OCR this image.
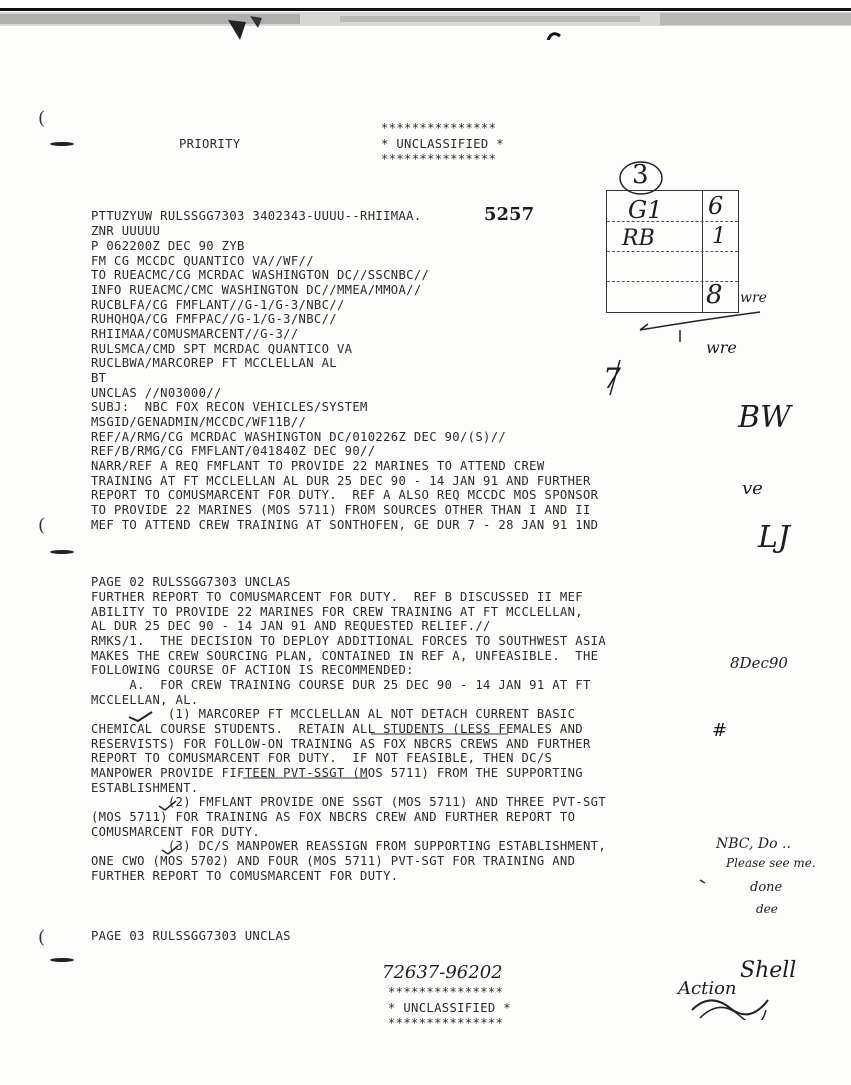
(
(
(
***************
PRIORITY	* UNCLASSIFIED *
***************
PTTUZYUW RULSSGG7303 3402343-UUUU--RHIIMAA.
ZNR UUUUU
P 062200Z DEC 90 ZYB
FM CG MCCDC QUANTICO VA//WF//
TO RUEACMC/CG MCRDAC WASHINGTON DC//SSCNBC//
INFO RUEACMC/CMC WASHINGTON DC//MMEA/MMOA//
RUCBLFA/CG FMFLANT//G-1/G-3/NBC//
RUHQHQA/CG FMFPAC//G-1/G-3/NBC//
RHIIMAA/COMUSMARCENT//G-3//
RULSMCA/CMD SPT MCRDAC QUANTICO VA
RUCLBWA/MARCOREP FT MCCLELLAN AL
BT
UNCLAS //N03000//
SUBJ:  NBC FOX RECON VEHICLES/SYSTEM
MSGID/GENADMIN/MCCDC/WF11B//
REF/A/RMG/CG MCRDAC WASHINGTON DC/010226Z DEC 90/(S)//
REF/B/RMG/CG FMFLANT/041840Z DEC 90//
NARR/REF A REQ FMFLANT TO PROVIDE 22 MARINES TO ATTEND CREW
TRAINING AT FT MCCLELLAN AL DUR 25 DEC 90 - 14 JAN 91 AND FURTHER
REPORT TO COMUSMARCENT FOR DUTY.  REF A ALSO REQ MCCDC MOS SPONSOR
TO PROVIDE 22 MARINES (MOS 5711) FROM SOURCES OTHER THAN I AND II
MEF TO ATTEND CREW TRAINING AT SONTHOFEN, GE DUR 7 - 28 JAN 91 1ND
PAGE 02 RULSSGG7303 UNCLAS
FURTHER REPORT TO COMUSMARCENT FOR DUTY.  REF B DISCUSSED II MEF
ABILITY TO PROVIDE 22 MARINES FOR CREW TRAINING AT FT MCCLELLAN,
AL DUR 25 DEC 90 - 14 JAN 91 AND REQUESTED RELIEF.//
RMKS/1.  THE DECISION TO DEPLOY ADDITIONAL FORCES TO SOUTHWEST ASIA
MAKES THE CREW SOURCING PLAN, CONTAINED IN REF A, UNFEASIBLE.  THE
FOLLOWING COURSE OF ACTION IS RECOMMENDED:
A.  FOR CREW TRAINING COURSE DUR 25 DEC 90 - 14 JAN 91 AT FT
MCCLELLAN, AL.
(1) MARCOREP FT MCCLELLAN AL NOT DETACH CURRENT BASIC
CHEMICAL COURSE STUDENTS.  RETAIN ALL STUDENTS (LESS FEMALES AND
RESERVISTS) FOR FOLLOW-ON TRAINING AS FOX NBCRS CREWS AND FURTHER
REPORT TO COMUSMARCENT FOR DUTY.  IF NOT FEASIBLE, THEN DC/S
MANPOWER PROVIDE FIFTEEN PVT-SSGT (MOS 5711) FROM THE SUPPORTING
ESTABLISHMENT.
(2) FMFLANT PROVIDE ONE SSGT (MOS 5711) AND THREE PVT-SGT
(MOS 5711) FOR TRAINING AS FOX NBCRS CREW AND FURTHER REPORT TO
COMUSMARCENT FOR DUTY.
(3) DC/S MANPOWER REASSIGN FROM SUPPORTING ESTABLISHMENT,
ONE CWO (MOS 5702) AND FOUR (MOS 5711) PVT-SGT FOR TRAINING AND
FURTHER REPORT TO COMUSMARCENT FOR DUTY.
PAGE 03 RULSSGG7303 UNCLAS
3
G1 6
RB	1
8 wre
wre
7
5257
BW
ve
LJ
8Dec90
#
NBC, Do ..
Please see me.
done
dee
Action
Shell
72637-96202
***************
* UNCLASSIFIED *
***************
